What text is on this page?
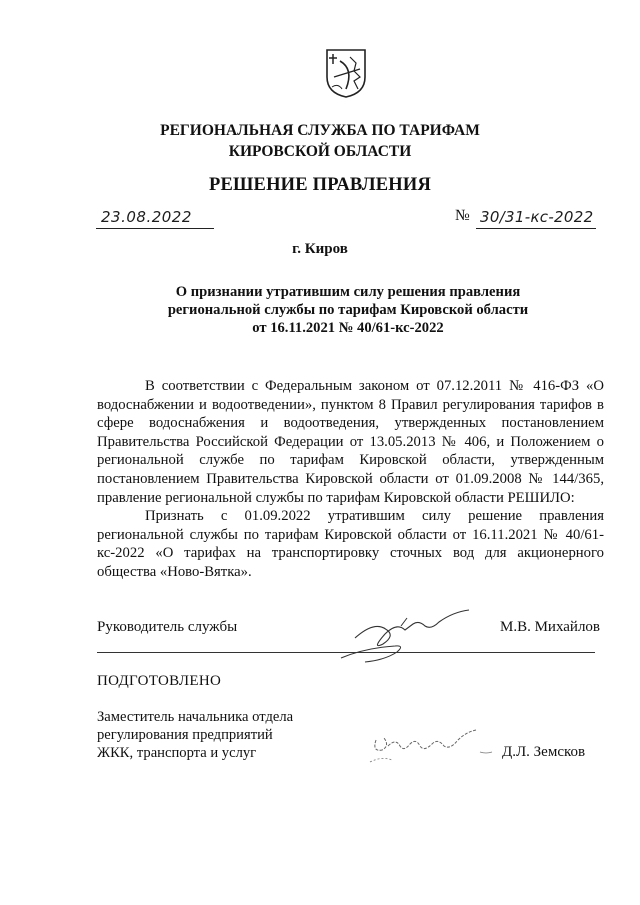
РЕГИОНАЛЬНАЯ СЛУЖБА ПО ТАРИФАМ
КИРОВСКОЙ ОБЛАСТИ
РЕШЕНИЕ ПРАВЛЕНИЯ
23.08.2022	№ 30/31-кс-2022
г. Киров
О признании утратившим силу решения правления
региональной службы по тарифам Кировской области
от 16.11.2021 № 40/61-кс-2022

В соответствии с Федеральным законом от 07.12.2011 № 416-ФЗ «О водоснабжении и водоотведении», пунктом 8 Правил регулирования тарифов в сфере водоснабжения и водоотведения, утвержденных постановлением Правительства Российской Федерации от 13.05.2013 № 406, и Положением о региональной службе по тарифам Кировской области, утвержденным постановлением Правительства Кировской области от 01.09.2008 № 144/365, правление региональной службы по тарифам Кировской области РЕШИЛО:

Признать с 01.09.2022 утратившим силу решение правления региональной службы по тарифам Кировской области от 16.11.2021 № 40/61-кс-2022 «О тарифах на транспортировку сточных вод для акционерного общества «Ново-Вятка».

Руководитель службы	М.В. Михайлов
ПОДГОТОВЛЕНО
Заместитель начальника отдела
регулирования предприятий
ЖКК, транспорта и услуг	Д.Л. Земсков
